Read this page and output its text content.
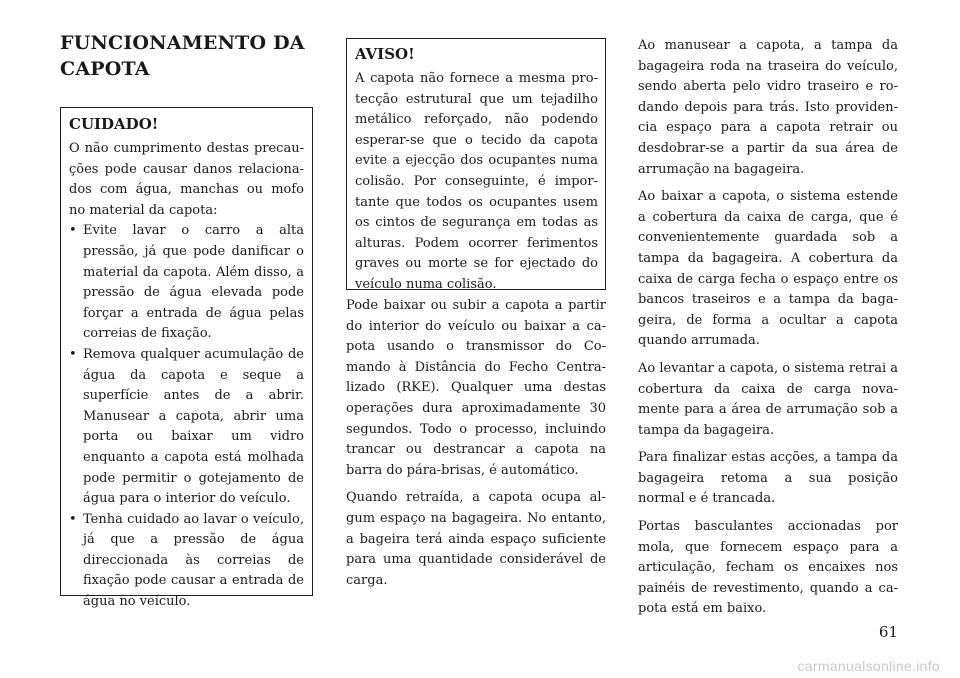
FUNCIONAMENTO DA CAPOTA
CUIDADO!

O não cumprimento destas precauções pode causar danos relacionados com água, manchas ou mofo no material da capota:

• Evite lavar o carro a alta pressão, já que pode danificar o material da capota. Além disso, a pressão de água elevada pode forçar a entrada de água pelas correias de fixação.
• Remova qualquer acumulação de água da capota e seque a superfície antes de a abrir. Manusear a capota, abrir uma porta ou baixar um vidro enquanto a capota está molhada pode permitir o gotejamento de água para o interior do veículo.
• Tenha cuidado ao lavar o veículo, já que a pressão de água direccionada às correias de fixação pode causar a entrada de água no veículo.
AVISO!

A capota não fornece a mesma protecção estrutural que um tejadilho metálico reforçado, não podendo esperar-se que o tecido da capota evite a ejecção dos ocupantes numa colisão. Por conseguinte, é importante que todos os ocupantes usem os cintos de segurança em todas as alturas. Podem ocorrer ferimentos graves ou morte se for ejectado do veículo numa colisão.

Pode baixar ou subir a capota a partir do interior do veículo ou baixar a capota usando o transmissor do Comando à Distância do Fecho Centralizado (RKE). Qualquer uma destas operações dura aproximadamente 30 segundos. Todo o processo, incluindo trancar ou destrancar a capota na barra do pára-brisas, é automático.

Quando retraída, a capota ocupa algum espaço na bagageira. No entanto, a bageira terá ainda espaço suficiente para uma quantidade considerável de carga.

Ao manusear a capota, a tampa da bagageira roda na traseira do veículo, sendo aberta pelo vidro traseiro e rodando depois para trás. Isto providencia espaço para a capota retrair ou desdobrar-se a partir da sua área de arrumação na bagageira.

Ao baixar a capota, o sistema estende a cobertura da caixa de carga, que é convenientemente guardada sob a tampa da bagageira. A cobertura da caixa de carga fecha o espaço entre os bancos traseiros e a tampa da bagageira, de forma a ocultar a capota quando arrumada.

Ao levantar a capota, o sistema retrai a cobertura da caixa de carga novamente para a área de arrumação sob a tampa da bagageira.

Para finalizar estas acções, a tampa da bagageira retoma a sua posição normal e é trancada.

Portas basculantes accionadas por mola, que fornecem espaço para a articulação, fecham os encaixes nos painéis de revestimento, quando a capota está em baixo.

61
carmanualsonline.info
